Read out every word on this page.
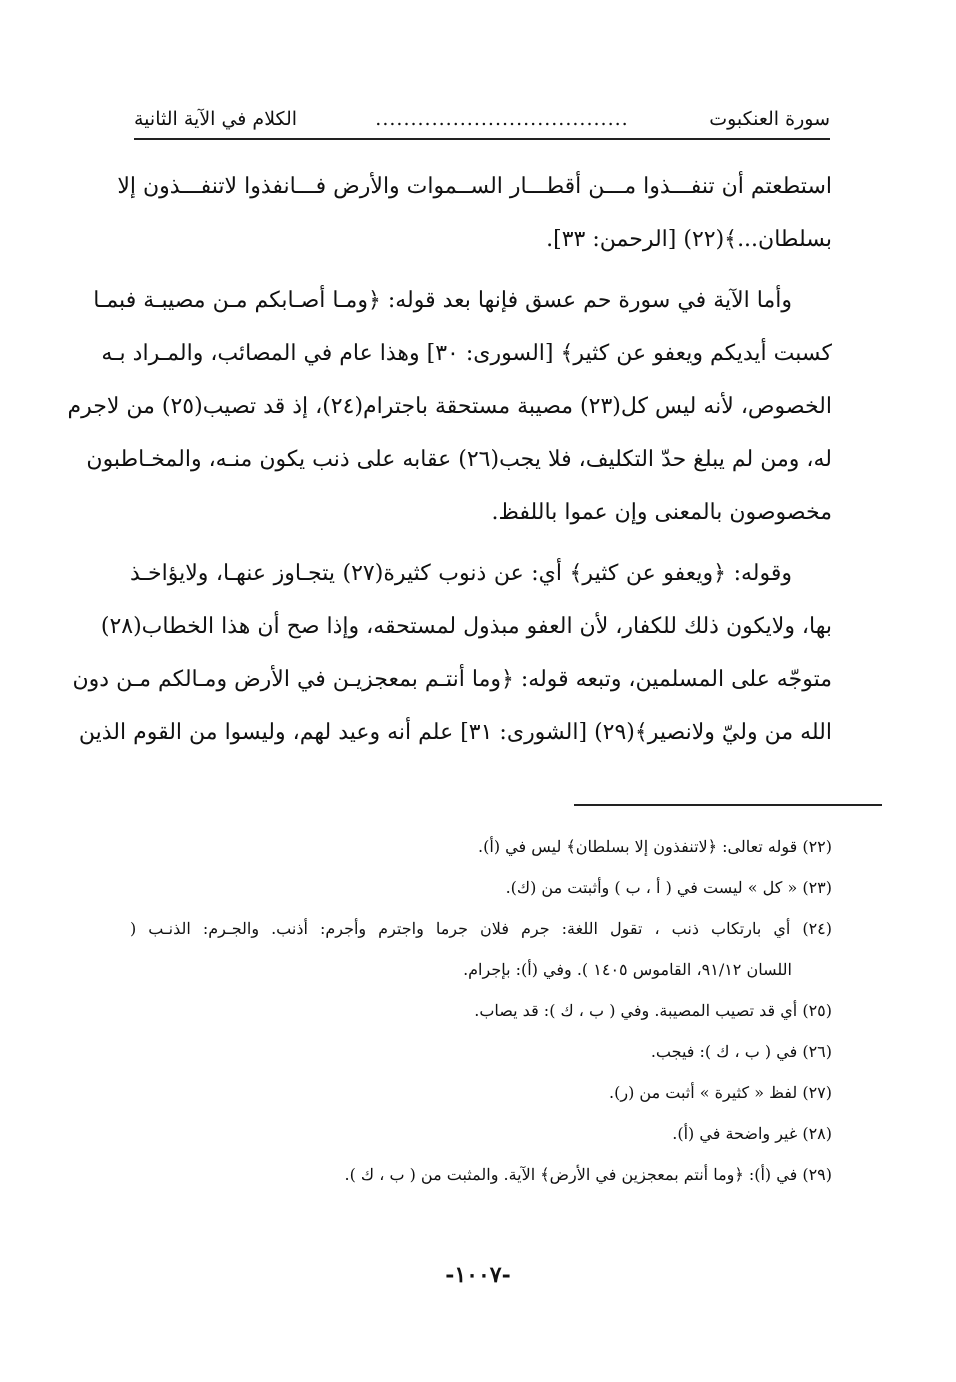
سورة العنكبوت
....................................
الكلام في الآية الثانية
استطعتم أن تنفـــذوا مـــن أقطـــار الســموات والأرض فـــانفذوا لاتنفـــذون إلا
بسلطان...﴾(٢٢) [الرحمن: ٣٣].
وأما الآية في سورة حم عسق فإنها بعد قوله: ﴿ومـا أصـابكم مـن مصيبـة فبمـا
كسبت أيديكم ويعفو عن كثير﴾ [السورى: ٣٠] وهذا عام في المصائب، والمـراد بـه
الخصوص، لأنه ليس كل(٢٣) مصيبة مستحقة باجترام(٢٤)، إذ قد تصيب(٢٥) من لاجرم
له، ومن لم يبلغ حدّ التكليف، فلا يجب(٢٦) عقابه على ذنب يكون منـه، والمخـاطبون
مخصوصون بالمعنى وإن عموا باللفظ.
وقوله: ﴿ويعفو عن كثير﴾ أي: عن ذنوب كثيرة(٢٧) يتجـاوز عنهـا، ولايؤاخـذ
بها، ولايكون ذلك للكفار، لأن العفو مبذول لمستحقه، وإذا صح أن هذا الخطاب(٢٨)
متوجّه على المسلمين، وتبعه قوله: ﴿وما أنتـم بمعجزيـن في الأرض ومـالكم مـن دون
الله من وليّ ولانصير﴾(٢٩) [الشورى: ٣١] علم أنه وعيد لهم، وليسوا من القوم الذين
(٢٢) قوله تعالى: ﴿لاتنفذون إلا بسلطان﴾ ليس في (أ).
(٢٣) « كل » ليست في ( أ ، ب ) وأثبتت من (ك).
(٢٤) أي بارتكاب ذنب ، تقول اللغة: جرم فلان جرما واجترم وأجرم: أذنب. والجـرم: الذنـب (
اللسان ٩١/١٢، القاموس ١٤٠٥ ). وفي (أ): بإجرام.
(٢٥) أي قد تصيب المصيبة. وفي ( ب ، ك ): قد يصاب.
(٢٦) في ( ب ، ك ): فيجب.
(٢٧) لفظ « كثيرة » أثبت من (ر).
(٢٨) غير واضحة في (أ).
(٢٩) في (أ): ﴿وما أنتم بمعجزين في الأرض﴾ الآية. والمثبت من ( ب ، ك ).
-١٠٠٧-
